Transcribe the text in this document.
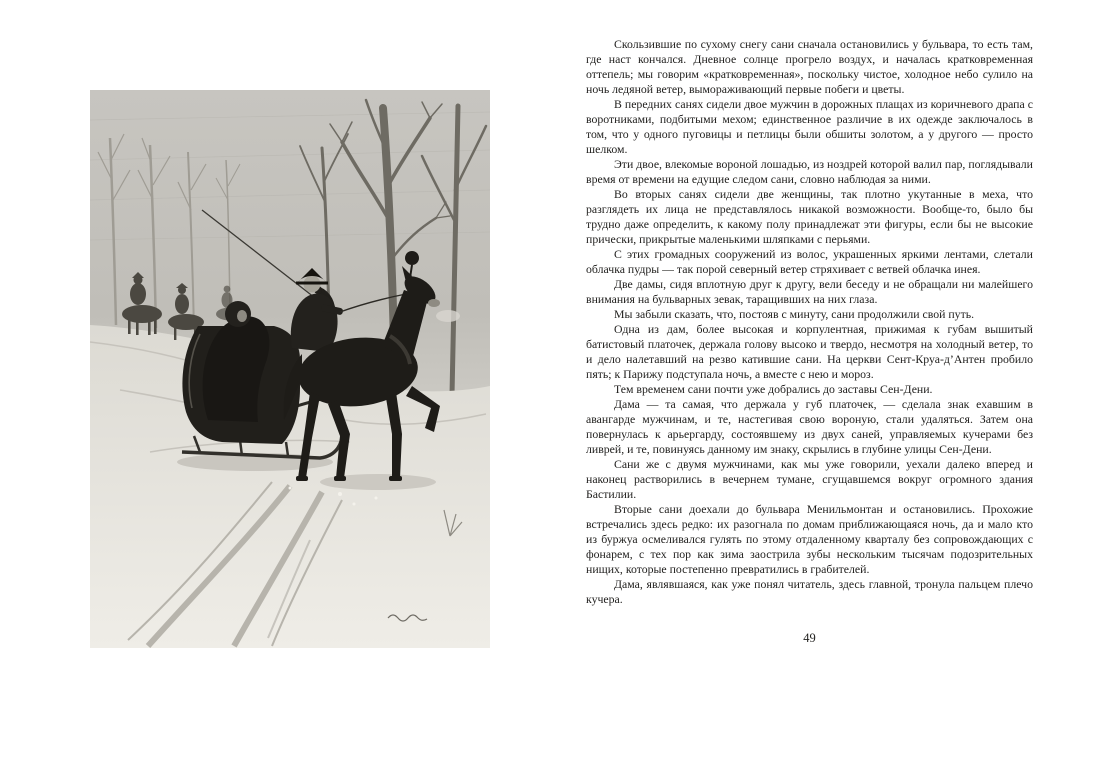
Скользившие по сухому снегу сани сначала остановились у бульвара, то есть там, где наст кончался. Дневное солнце прогрело воздух, и началась кратковременная оттепель; мы говорим «кратковременная», поскольку чистое, холодное небо сулило на ночь ледяной ветер, вымораживающий первые побеги и цветы.

В передних санях сидели двое мужчин в дорожных плащах из коричневого драпа с воротниками, подбитыми мехом; единственное различие в их одежде заключалось в том, что у одного пуговицы и петлицы были обшиты золотом, а у другого — просто шелком.

Эти двое, влекомые вороной лошадью, из ноздрей которой валил пар, поглядывали время от времени на едущие следом сани, словно наблюдая за ними.

Во вторых санях сидели две женщины, так плотно укутанные в меха, что разглядеть их лица не представлялось никакой возможности. Вообще-то, было бы трудно даже определить, к какому полу принадлежат эти фигуры, если бы не высокие прически, прикрытые маленькими шляпками с перьями.

С этих громадных сооружений из волос, украшенных яркими лентами, слетали облачка пудры — так порой северный ветер стряхивает с ветвей облачка инея.

Две дамы, сидя вплотную друг к другу, вели беседу и не обращали ни малейшего внимания на бульварных зевак, таращивших на них глаза.

Мы забыли сказать, что, постояв с минуту, сани продолжили свой путь.

Одна из дам, более высокая и корпулентная, прижимая к губам вышитый батистовый платочек, держала голову высоко и твердо, несмотря на холодный ветер, то и дело налетавший на резво катившие сани. На церкви Сент-Круа-д’Антен пробило пять; к Парижу подступала ночь, а вместе с нею и мороз.

Тем временем сани почти уже добрались до заставы Сен-Дени.

Дама — та самая, что держала у губ платочек, — сделала знак ехавшим в авангарде мужчинам, и те, настегивая свою вороную, стали удаляться. Затем она повернулась к арьергарду, состоявшему из двух саней, управляемых кучерами без ливрей, и те, повинуясь данному им знаку, скрылись в глубине улицы Сен-Дени.

Сани же с двумя мужчинами, как мы уже говорили, уехали далеко вперед и наконец растворились в вечернем тумане, сгущавшемся вокруг огромного здания Бастилии.

Вторые сани доехали до бульвара Менильмонтан и остановились. Прохожие встречались здесь редко: их разогнала по домам приближающаяся ночь, да и мало кто из буржуа осмеливался гулять по этому отдаленному кварталу без сопровождающих с фонарем, с тех пор как зима заострила зубы нескольким тысячам подозрительных нищих, которые постепенно превратились в грабителей.

Дама, являвшаяся, как уже понял читатель, здесь главной, тронула пальцем плечо кучера.

49
